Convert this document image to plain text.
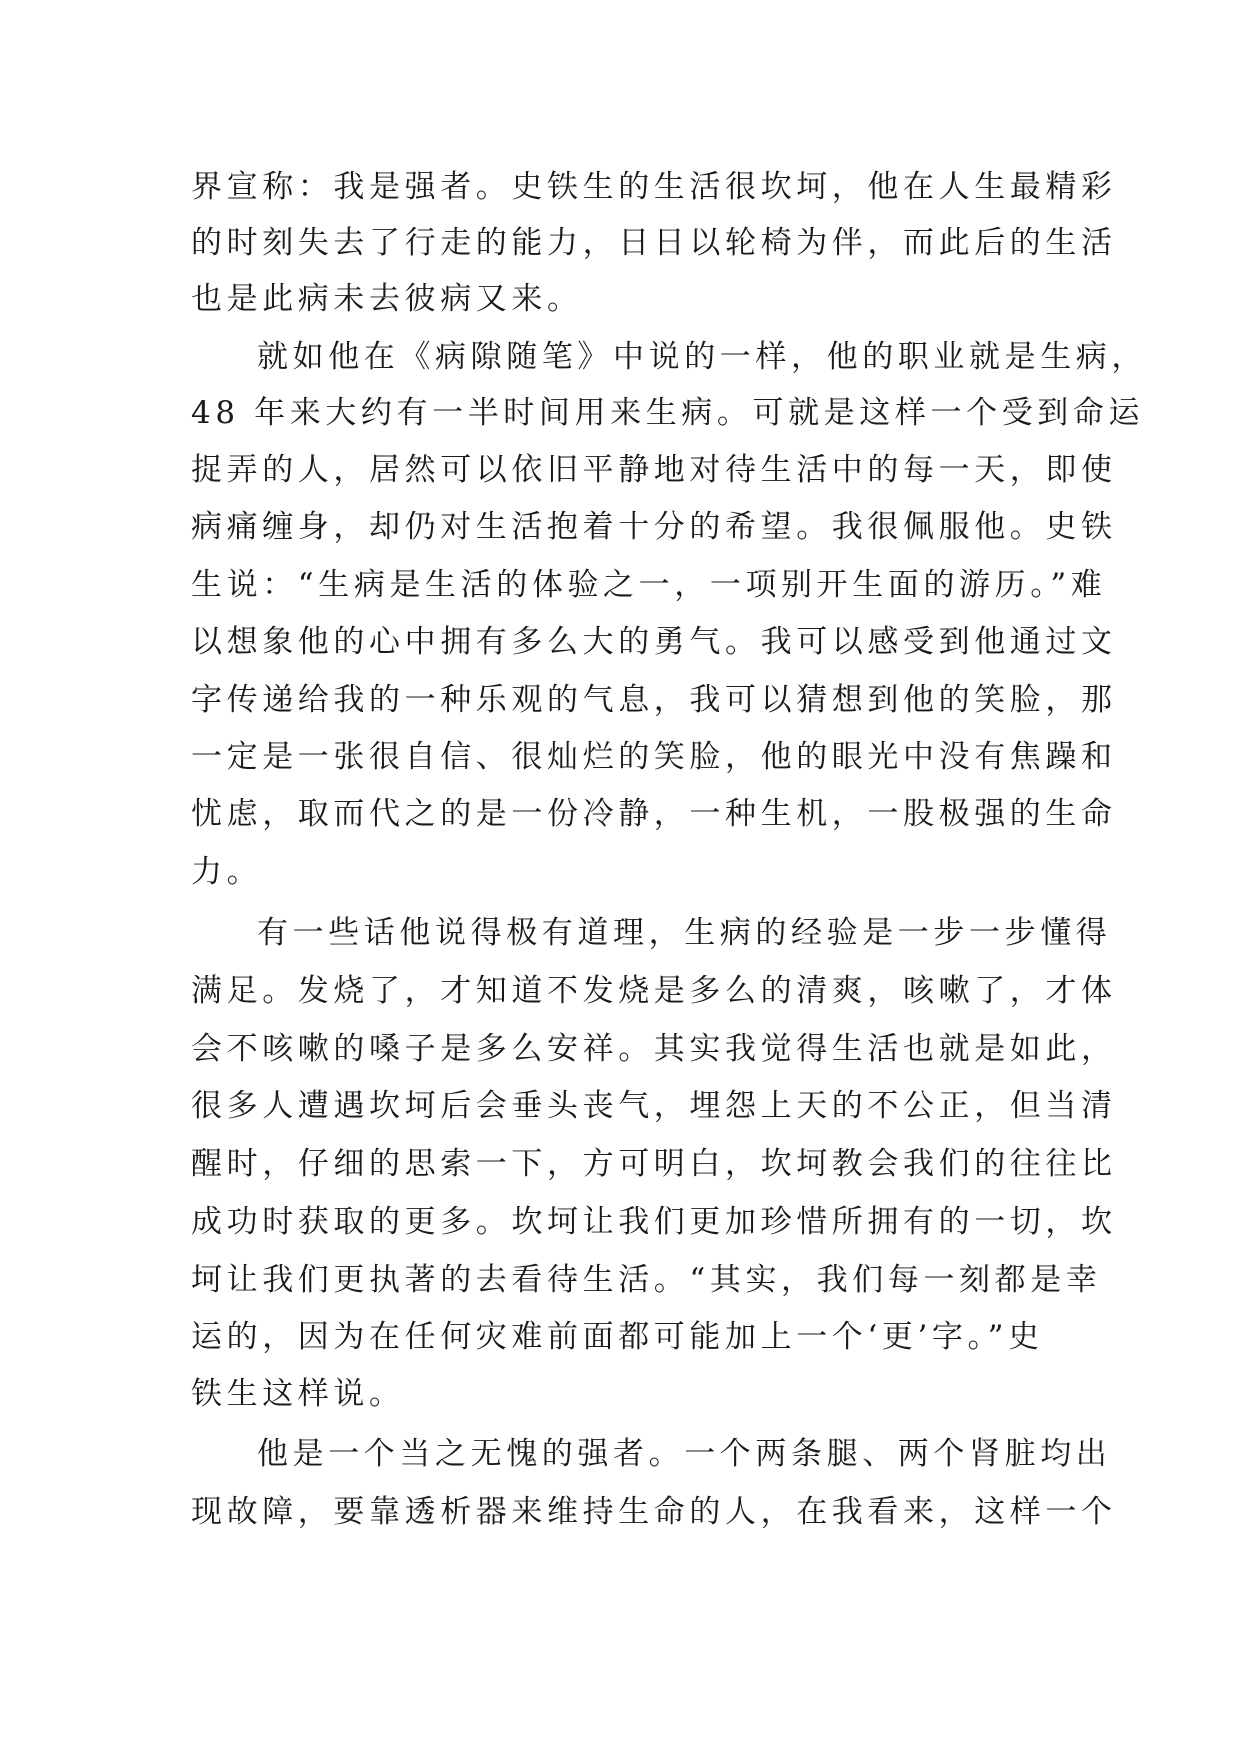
界宣称：我是强者。史铁生的生活很坎坷，他在人生最精彩
的时刻失去了行走的能力，日日以轮椅为伴，而此后的生活
也是此病未去彼病又来。
就如他在《病隙随笔》中说的一样，他的职业就是生病，
48 年来大约有一半时间用来生病。可就是这样一个受到命运
捉弄的人，居然可以依旧平静地对待生活中的每一天，即使
病痛缠身，却仍对生活抱着十分的希望。我很佩服他。史铁
生说：“生病是生活的体验之一，一项别开生面的游历。”难
以想象他的心中拥有多么大的勇气。我可以感受到他通过文
字传递给我的一种乐观的气息，我可以猜想到他的笑脸，那
一定是一张很自信、很灿烂的笑脸，他的眼光中没有焦躁和
忧虑，取而代之的是一份冷静，一种生机，一股极强的生命
力。
有一些话他说得极有道理，生病的经验是一步一步懂得
满足。发烧了，才知道不发烧是多么的清爽，咳嗽了，才体
会不咳嗽的嗓子是多么安祥。其实我觉得生活也就是如此，
很多人遭遇坎坷后会垂头丧气，埋怨上天的不公正，但当清
醒时，仔细的思索一下，方可明白，坎坷教会我们的往往比
成功时获取的更多。坎坷让我们更加珍惜所拥有的一切，坎
坷让我们更执著的去看待生活。“其实，我们每一刻都是幸
运的，因为在任何灾难前面都可能加上一个‘更’字。”史
铁生这样说。
他是一个当之无愧的强者。一个两条腿、两个肾脏均出
现故障，要靠透析器来维持生命的人，在我看来，这样一个
